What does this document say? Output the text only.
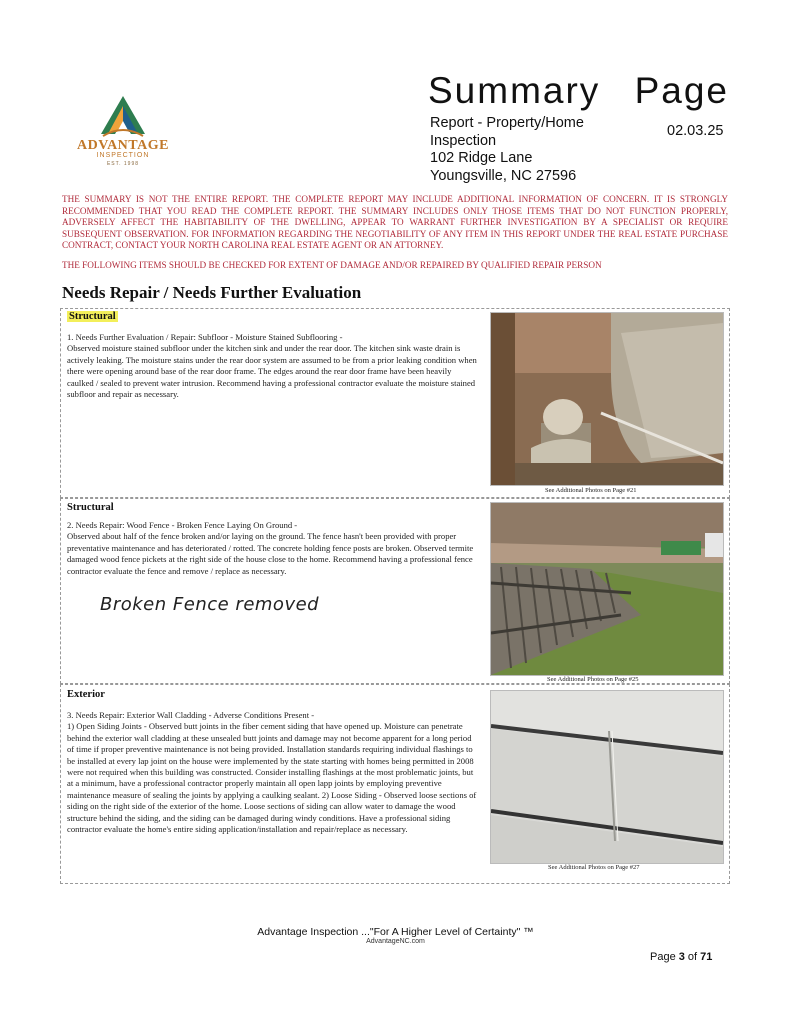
ADVANTAGE
INSPECTION
EST. 1998
Summary Page
Report - Property/Home
Inspection
102 Ridge Lane
Youngsville, NC 27596
02.03.25
THE SUMMARY IS NOT THE ENTIRE REPORT. THE COMPLETE REPORT MAY INCLUDE ADDITIONAL INFORMATION OF CONCERN. IT IS STRONGLY RECOMMENDED THAT YOU READ THE COMPLETE REPORT. THE SUMMARY INCLUDES ONLY THOSE ITEMS THAT DO NOT FUNCTION PROPERLY, ADVERSELY AFFECT THE HABITABILITY OF THE DWELLING, APPEAR TO WARRANT FURTHER INVESTIGATION BY A SPECIALIST OR REQUIRE SUBSEQUENT OBSERVATION. FOR INFORMATION REGARDING THE NEGOTIABILITY OF ANY ITEM IN THIS REPORT UNDER THE REAL ESTATE PURCHASE CONTRACT, CONTACT YOUR NORTH CAROLINA REAL ESTATE AGENT OR AN ATTORNEY.
THE FOLLOWING ITEMS SHOULD BE CHECKED FOR EXTENT OF DAMAGE AND/OR REPAIRED BY QUALIFIED REPAIR PERSON
Needs Repair / Needs Further Evaluation
Structural
1. Needs Further Evaluation / Repair: Subfloor - Moisture Stained Subflooring -
Observed moisture stained subfloor under the kitchen sink and under the rear door. The kitchen sink waste drain is actively leaking. The moisture stains under the rear door system are assumed to be from a prior leaking condition when there were opening around base of the rear door frame. The edges around the rear door frame have been heavily caulked / sealed to prevent water intrusion. Recommend having a professional contractor evaluate the moisture stained subfloor and repair as necessary.
See Additional Photos on Page #21
Structural
2. Needs Repair: Wood Fence - Broken Fence Laying On Ground -
Observed about half of the fence broken and/or laying on the ground. The fence hasn't been provided with proper preventative maintenance and has deteriorated / rotted. The concrete holding fence posts are broken. Observed termite damaged wood fence pickets at the right side of the house close to the home. Recommend having a professional fence contractor evaluate the fence and remove / replace as necessary.
Broken Fence removed
See Additional Photos on Page #25
Exterior
3. Needs Repair: Exterior Wall Cladding - Adverse Conditions Present -
1) Open Siding Joints - Observed butt joints in the fiber cement siding that have opened up. Moisture can penetrate behind the exterior wall cladding at these unsealed butt joints and damage may not become apparent for a long period of time if proper preventive maintenance is not being provided. Installation standards requiring individual flashings to be installed at every lap joint on the house were implemented by the state starting with homes being permitted in 2008 were not required when this building was constructed. Consider installing flashings at the most problematic joints, but at a minimum, have a professional contractor properly maintain all open lapp joints by employing preventive maintenance measure of sealing the joints by applying a caulking sealant. 2) Loose Siding - Observed loose sections of siding on the right side of the exterior of the home. Loose sections of siding can allow water to damage the wood structure behind the siding, and the siding can be damaged during windy conditions. Have a professional siding contractor evaluate the home's entire siding application/installation and repair/replace as necessary.
See Additional Photos on Page #27
Advantage Inspection ..."For A Higher Level of Certainty" ™
AdvantageNC.com
Page 3 of 71
